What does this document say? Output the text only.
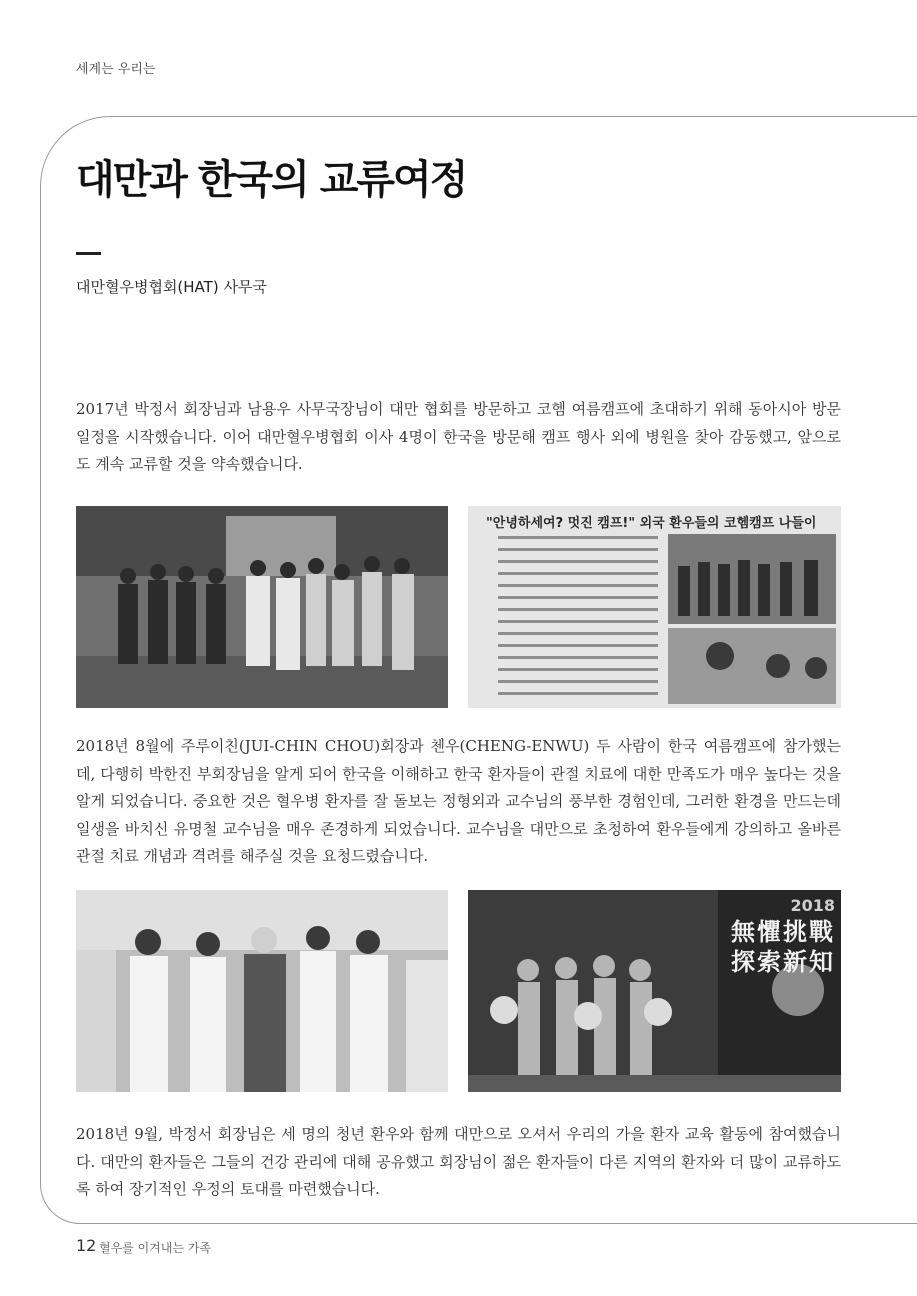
세계는 우리는
대만과 한국의 교류여정
대만혈우병협회(HAT) 사무국

2017년 박정서 회장님과 남용우 사무국장님이 대만 협회를 방문하고 코헴 여름캠프에 초대하기 위해 동아시아 방문 일정을 시작했습니다. 이어 대만혈우병협회 이사 4명이 한국을 방문해 캠프 행사 외에 병원을 찾아 감동했고, 앞으로도 계속 교류할 것을 약속했습니다.

"안녕하세여? 멋진 캠프!" 외국 환우들의 코헴캠프 나들이

2018년 8월에 주루이친(JUI-CHIN CHOU)회장과 첸우(CHENG-ENWU) 두 사람이 한국 여름캠프에 참가했는데, 다행히 박한진 부회장님을 알게 되어 한국을 이해하고 한국 환자들이 관절 치료에 대한 만족도가 매우 높다는 것을 알게 되었습니다. 중요한 것은 혈우병 환자를 잘 돌보는 정형외과 교수님의 풍부한 경험인데, 그러한 환경을 만드는데 일생을 바치신 유명철 교수님을 매우 존경하게 되었습니다. 교수님을 대만으로 초청하여 환우들에게 강의하고 올바른 관절 치료 개념과 격려를 해주실 것을 요청드렸습니다.

2018
無懼挑戰
探索新知

2018년 9월, 박정서 회장님은 세 명의 청년 환우와 함께 대만으로 오셔서 우리의 가을 환자 교육 활동에 참여했습니다. 대만의 환자들은 그들의 건강 관리에 대해 공유했고 회장님이 젊은 환자들이 다른 지역의 환자와 더 많이 교류하도록 하여 장기적인 우정의 토대를 마련했습니다.

12 혈우를 이겨내는 가족
